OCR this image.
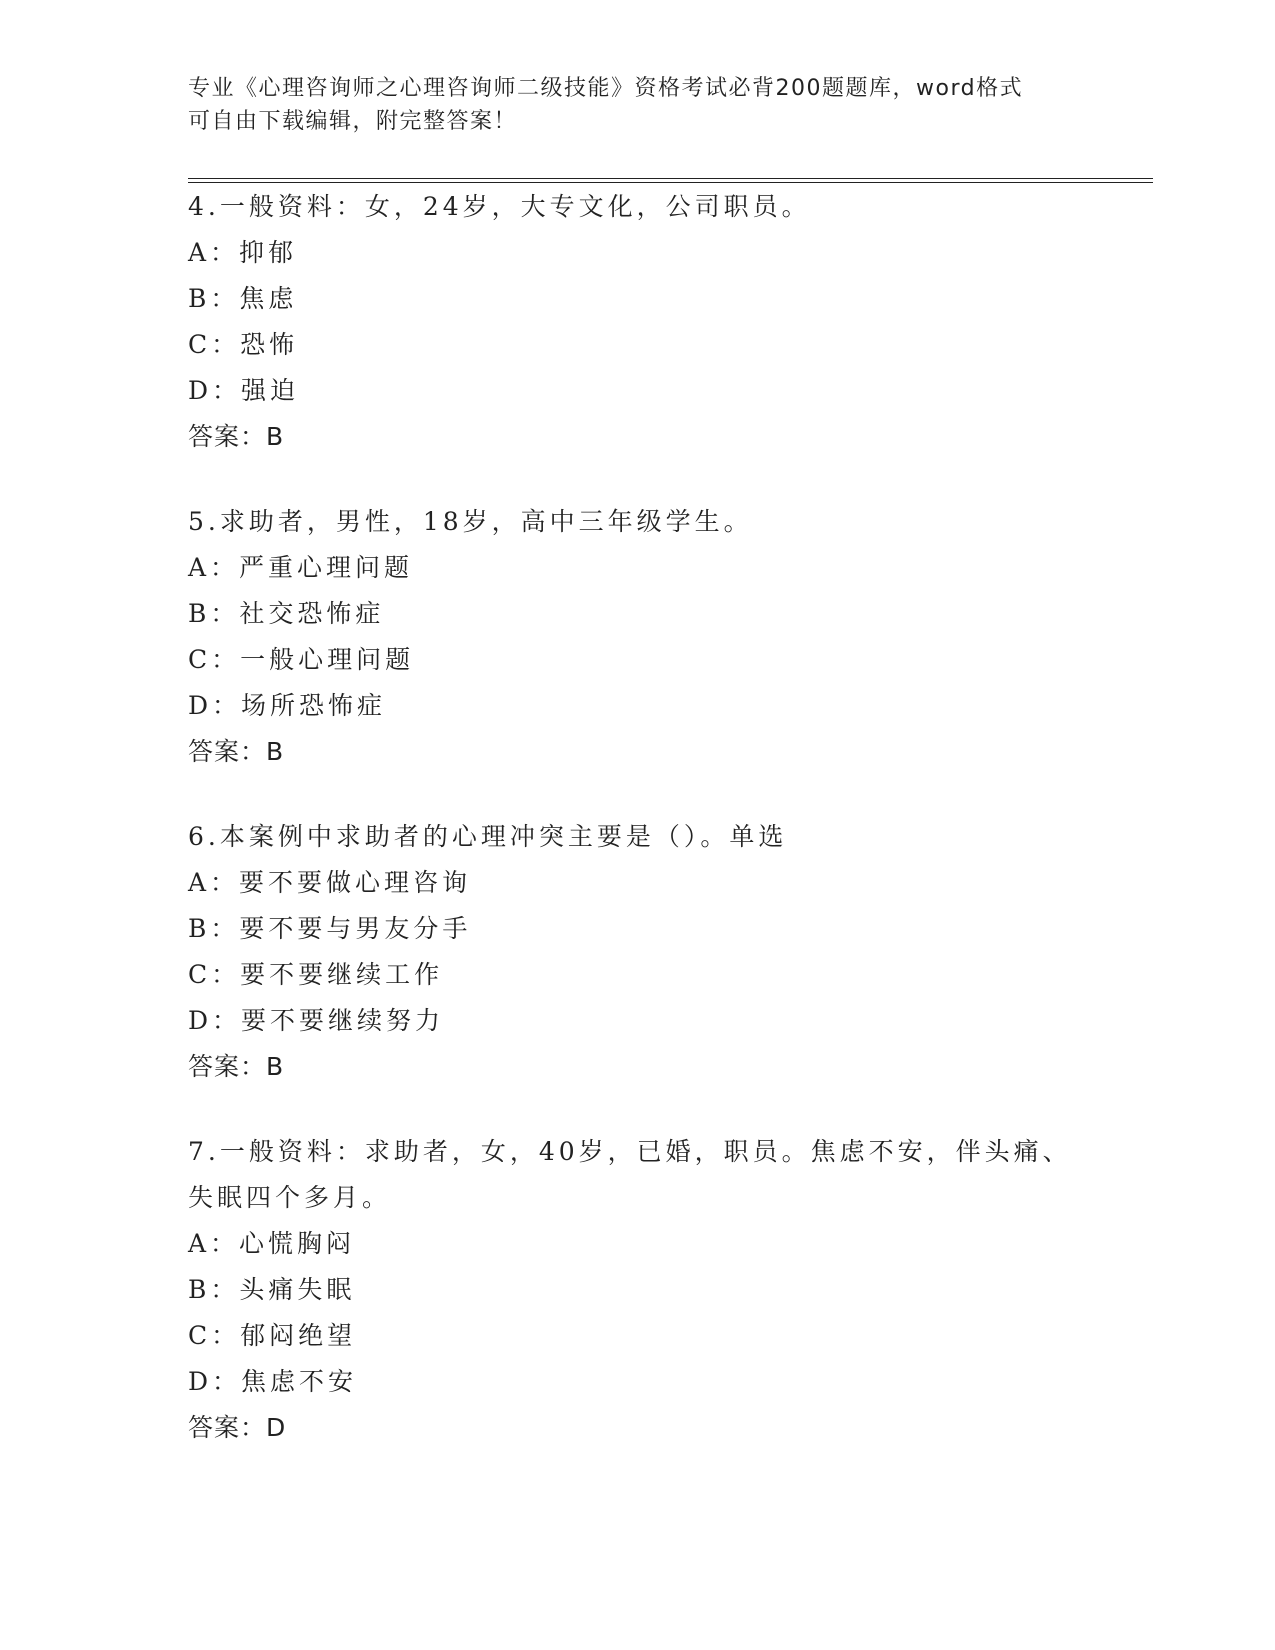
专业《心理咨询师之心理咨询师二级技能》资格考试必背200题题库，word格式
可自由下载编辑，附完整答案！
4.一般资料：女，24岁，大专文化，公司职员。
A：抑郁
B：焦虑
C：恐怖
D：强迫
答案：B
5.求助者，男性，18岁，高中三年级学生。
A：严重心理问题
B：社交恐怖症
C：一般心理问题
D：场所恐怖症
答案：B
6.本案例中求助者的心理冲突主要是（）。单选
A：要不要做心理咨询
B：要不要与男友分手
C：要不要继续工作
D：要不要继续努力
答案：B
7.一般资料：求助者，女，40岁，已婚，职员。焦虑不安，伴头痛、
失眠四个多月。
A：心慌胸闷
B：头痛失眠
C：郁闷绝望
D：焦虑不安
答案：D
